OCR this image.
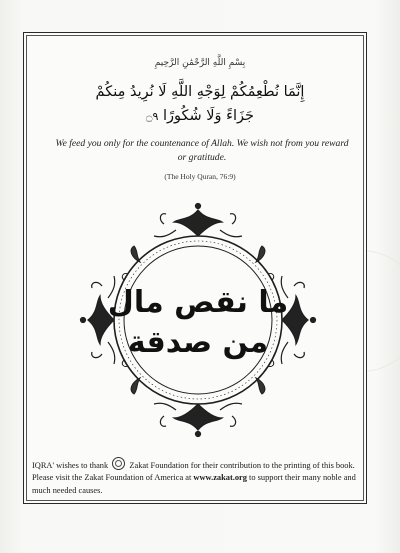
بِسْمِ اللَّهِ الرَّحْمَٰنِ الرَّحِيمِ
إِنَّمَا نُطْعِمُكُمْ لِوَجْهِ اللَّهِ لَا نُرِيدُ مِنكُمْ
جَزَاءً وَلَا شُكُورًا ۝٩
We feed you only for the countenance of Allah. We wish not from you reward or gratitude.
(The Holy Quran, 76:9)
ما نقص مال
من صدقة
IQRA' wishes to thank	Zakat Foundation for their contribution to the printing of this book. Please visit the Zakat Foundation of America at www.zakat.org to support their many noble and much needed causes.
